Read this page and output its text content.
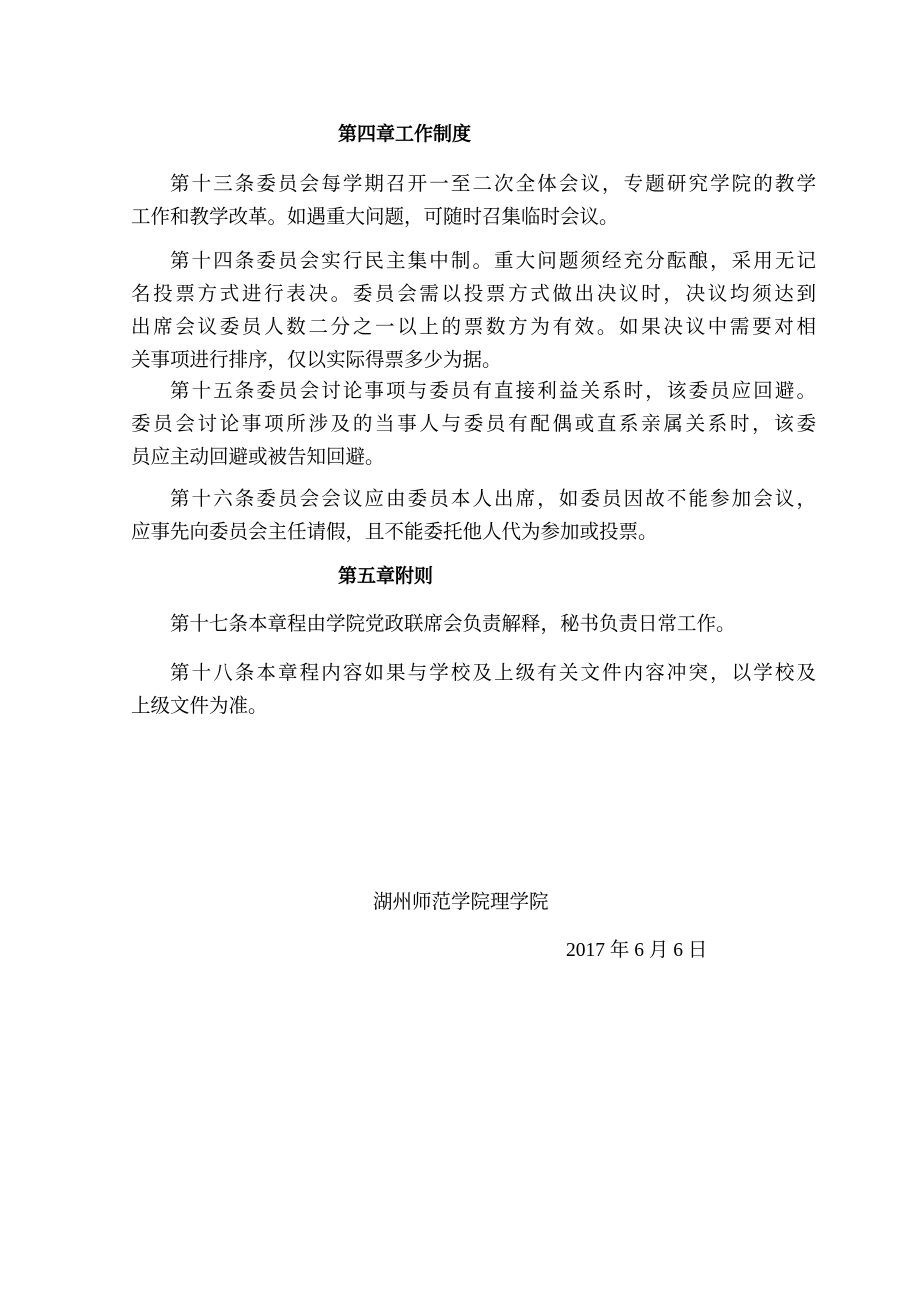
第四章工作制度
第十三条委员会每学期召开一至二次全体会议，专题研究学院的教学
工作和教学改革。如遇重大问题，可随时召集临时会议。
第十四条委员会实行民主集中制。重大问题须经充分酝酿，采用无记
名投票方式进行表决。委员会需以投票方式做出决议时，决议均须达到
出席会议委员人数二分之一以上的票数方为有效。如果决议中需要对相
关事项进行排序，仅以实际得票多少为据。
第十五条委员会讨论事项与委员有直接利益关系时，该委员应回避。
委员会讨论事项所涉及的当事人与委员有配偶或直系亲属关系时，该委
员应主动回避或被告知回避。
第十六条委员会会议应由委员本人出席，如委员因故不能参加会议，
应事先向委员会主任请假，且不能委托他人代为参加或投票。
第五章附则
第十七条本章程由学院党政联席会负责解释，秘书负责日常工作。
第十八条本章程内容如果与学校及上级有关文件内容冲突，以学校及
上级文件为准。
湖州师范学院理学院
2017 年 6 月 6 日
